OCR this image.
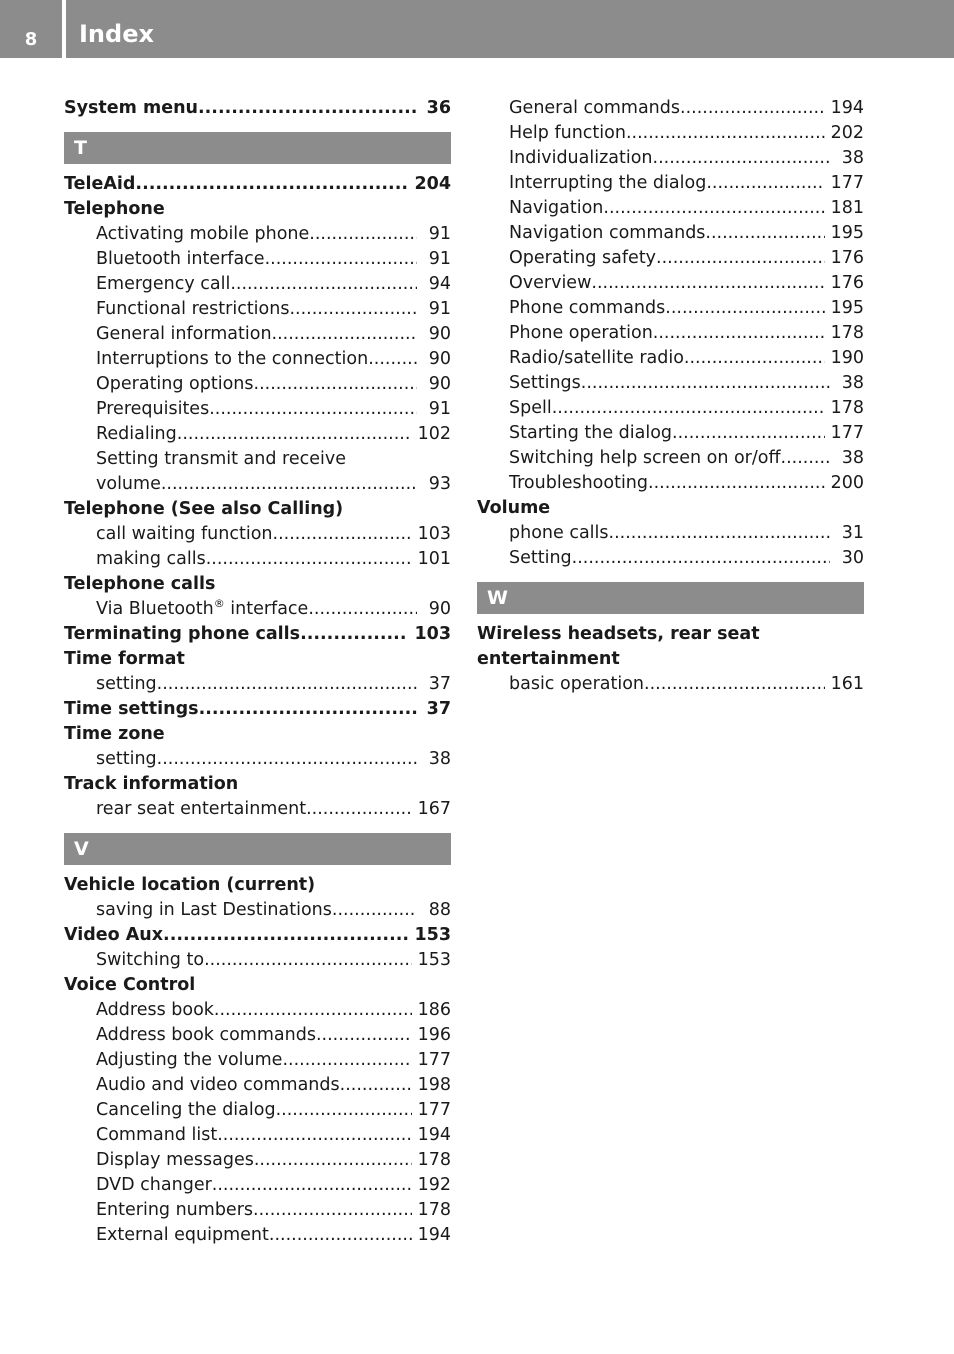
8	Index
System menu .....	36
T
TeleAid .....	204
Telephone
Activating mobile phone .....	91
Bluetooth interface .....	91
Emergency call .....	94
Functional restrictions .....	91
General information .....	90
Interruptions to the connection .....	90
Operating options .....	90
Prerequisites .....	91
Redialing .....	102
Setting transmit and receive
volume .....	93
Telephone (See also Calling)
call waiting function .....	103
making calls .....	101
Telephone calls
Via Bluetooth® interface .....	90
Terminating phone calls .....	103
Time format
setting .....	37
Time settings .....	37
Time zone
setting .....	38
Track information
rear seat entertainment .....	167
V
Vehicle location (current)
saving in Last Destinations .....	88
Video Aux .....	153
Switching to .....	153
Voice Control
Address book .....	186
Address book commands .....	196
Adjusting the volume .....	177
Audio and video commands .....	198
Canceling the dialog .....	177
Command list .....	194
Display messages .....	178
DVD changer .....	192
Entering numbers .....	178
External equipment .....	194
General commands .....	194
Help function .....	202
Individualization .....	38
Interrupting the dialog .....	177
Navigation .....	181
Navigation commands .....	195
Operating safety .....	176
Overview .....	176
Phone commands .....	195
Phone operation .....	178
Radio/satellite radio .....	190
Settings .....	38
Spell .....	178
Starting the dialog .....	177
Switching help screen on or/off .....	38
Troubleshooting .....	200
Volume
phone calls .....	31
Setting .....	30
W
Wireless headsets, rear seat
entertainment
basic operation .....	161
